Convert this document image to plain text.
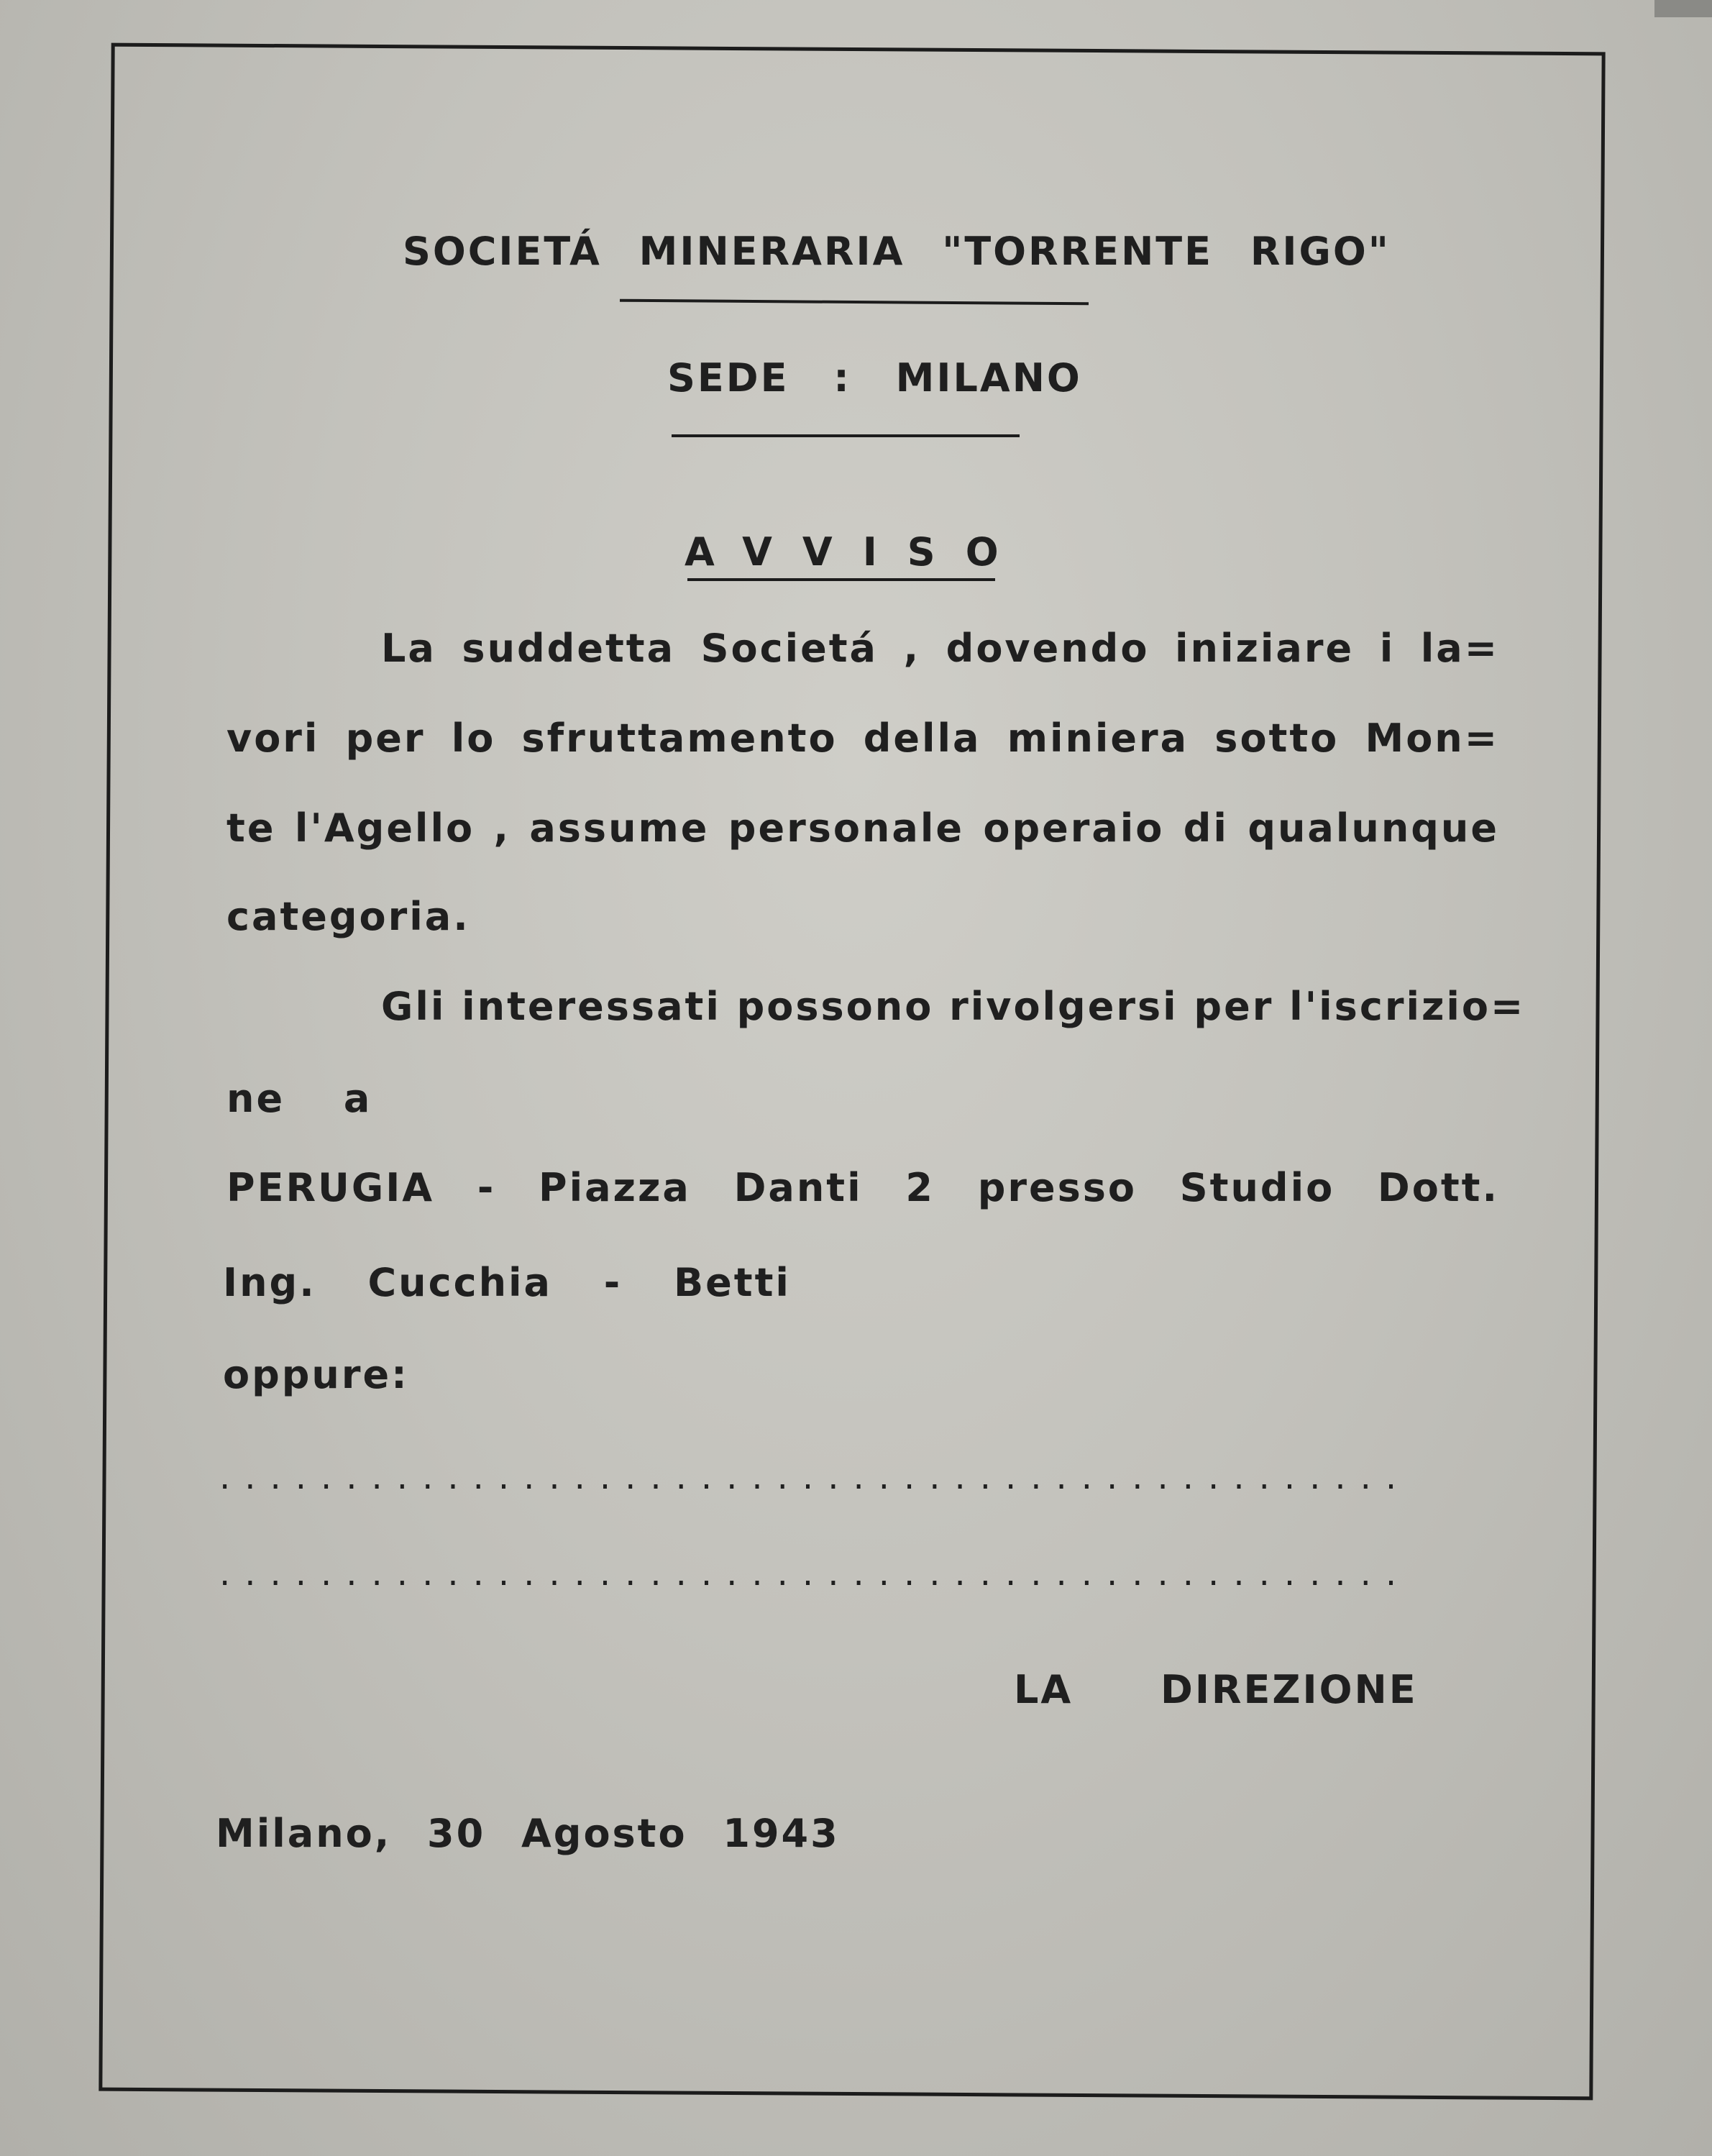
SOCIETÁ MINERARIA "TORRENTE RIGO"
SEDE : MILANO
AVVISO
La suddetta Societá , dovendo iniziare i la=
vori per lo sfruttamento della miniera sotto Mon=
te l'Agello , assume personale operaio di qualunque
categoria.
Gli interessati possono rivolgersi per l'iscrizio=
ne a
PERUGIA - Piazza Danti 2 presso Studio Dott.
Ing. Cucchia - Betti
oppure:
...............................................
...............................................
LA DIREZIONE
Milano, 30 Agosto 1943
